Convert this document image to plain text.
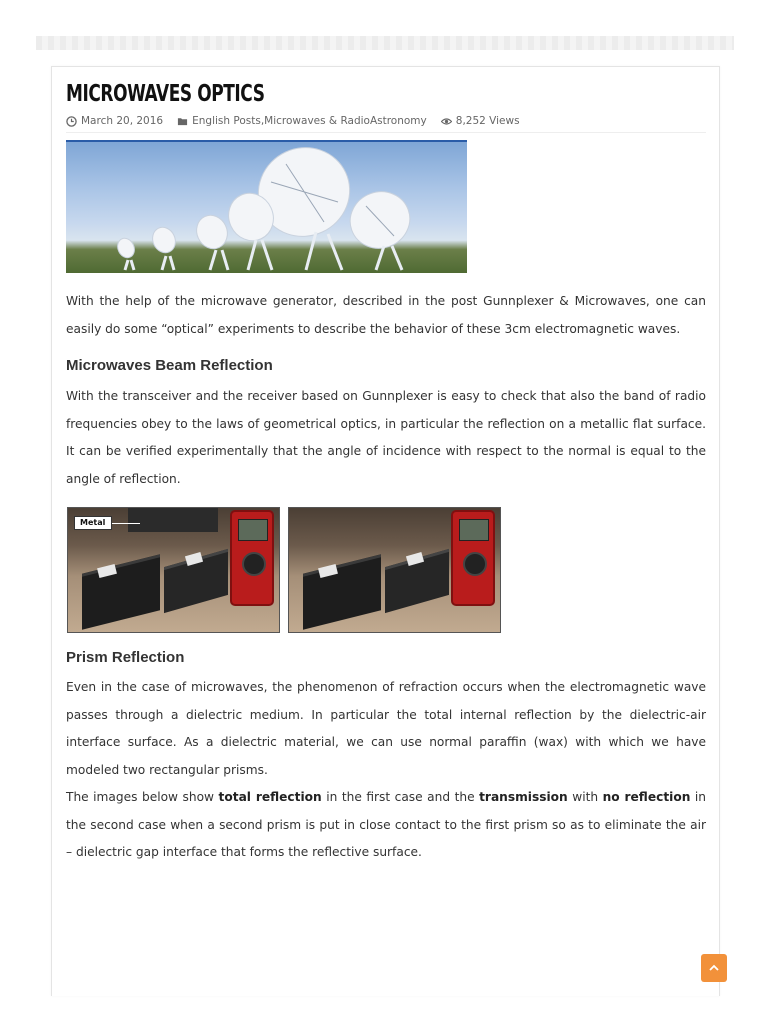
MICROWAVES OPTICS
March 20, 2016	English Posts , Microwaves & RadioAstronomy	8,252 Views

With the help of the microwave generator, described in the post Gunnplexer & Microwaves, one can easily do some “optical” experiments to describe the behavior of these 3cm electromagnetic waves.

Microwaves Beam Reflection

With the transceiver and the receiver based on Gunnplexer is easy to check that also the band of radio frequencies obey to the laws of geometrical optics, in particular the reflection on a metallic flat surface. It can be verified experimentally that the angle of incidence with respect to the normal is equal to the angle of reflection.

Metal
Prism Reflection

Even in the case of microwaves, the phenomenon of refraction occurs when the electromagnetic wave passes through a dielectric medium. In particular the total internal reflection by the dielectric-air interface surface. As a dielectric material, we can use normal paraffin (wax) with which we have modeled two rectangular prisms.

The images below show total reflection in the first case and the transmission with no reflection in the second case when a second prism is put in close contact to the first prism so as to eliminate the air – dielectric gap interface that forms the reflective surface.
